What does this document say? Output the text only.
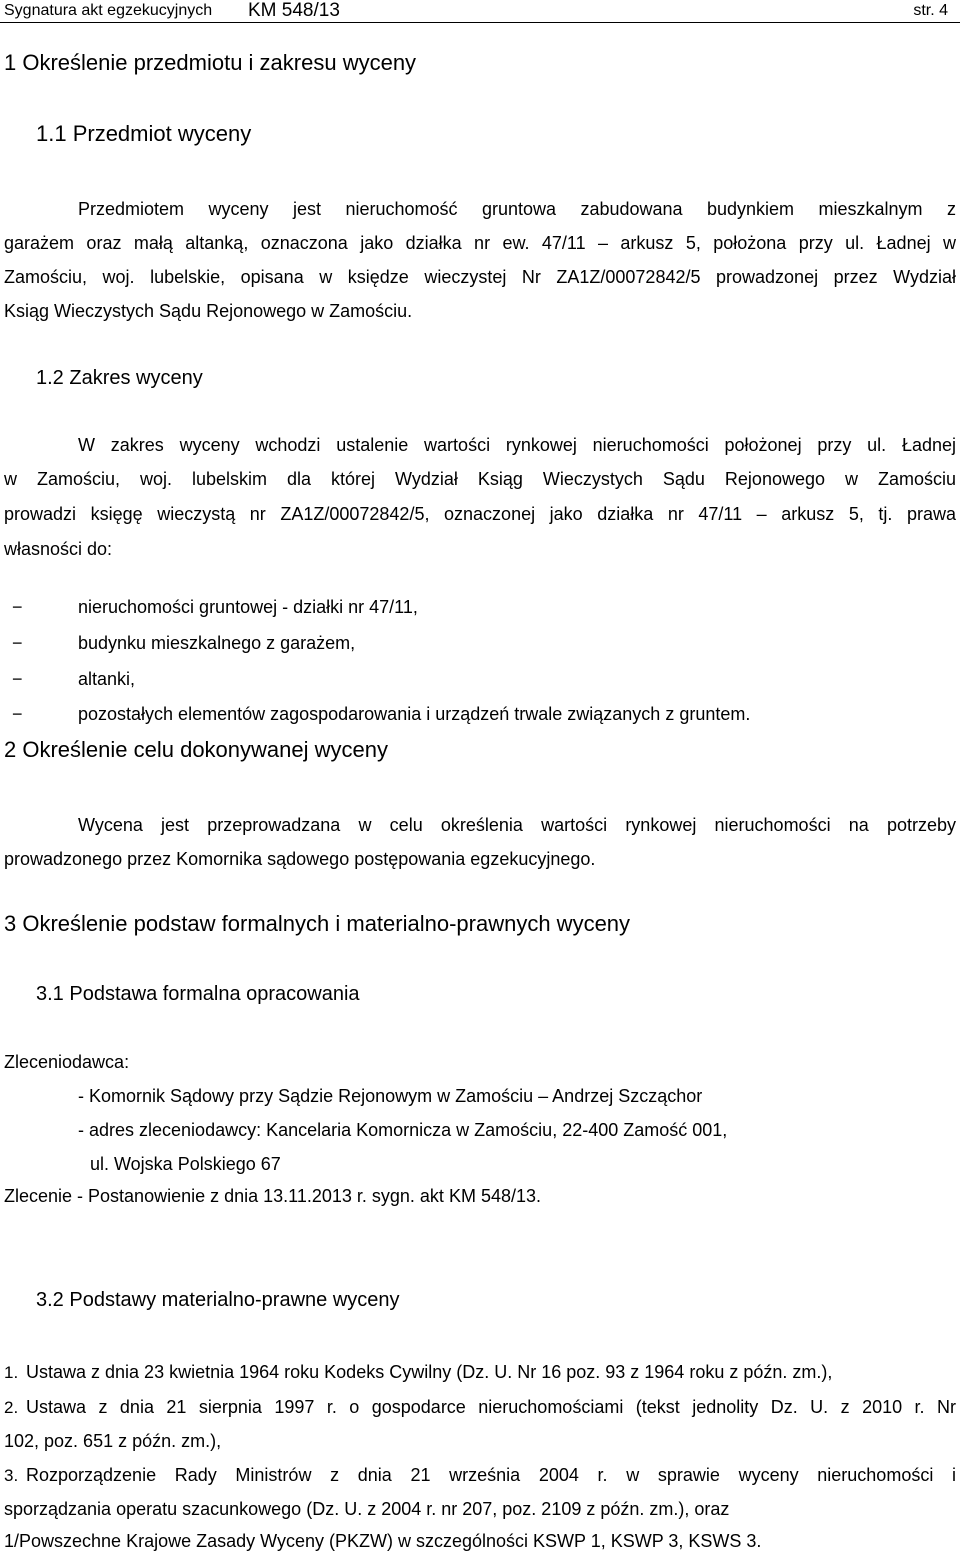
Sygnatura akt egzekucyjnych KM 548/13	str. 4
1 Określenie przedmiotu i zakresu wyceny
1.1 Przedmiot wyceny
Przedmiotem wyceny jest nieruchomość gruntowa zabudowana budynkiem mieszkalnym z
garażem oraz małą altanką, oznaczona jako działka nr ew. 47/11 – arkusz 5, położona przy ul. Ładnej w
Zamościu, woj. lubelskie, opisana w księdze wieczystej Nr ZA1Z/00072842/5 prowadzonej przez Wydział
Ksiąg Wieczystych Sądu Rejonowego w Zamościu.
1.2 Zakres wyceny
W zakres wyceny wchodzi ustalenie wartości rynkowej nieruchomości położonej przy ul. Ładnej
w Zamościu, woj. lubelskim dla której Wydział Ksiąg Wieczystych Sądu Rejonowego w Zamościu
prowadzi księgę wieczystą nr ZA1Z/00072842/5, oznaczonej jako działka nr 47/11 – arkusz 5, tj. prawa
własności do:
−	nieruchomości gruntowej - działki nr 47/11,
−	budynku mieszkalnego z garażem,
−	altanki,
−	pozostałych elementów zagospodarowania i urządzeń trwale związanych z gruntem.
2 Określenie celu dokonywanej wyceny
Wycena jest przeprowadzana w celu określenia wartości rynkowej nieruchomości na potrzeby
prowadzonego przez Komornika sądowego postępowania egzekucyjnego.
3 Określenie podstaw formalnych i materialno-prawnych wyceny
3.1 Podstawa formalna opracowania
Zleceniodawca:
- Komornik Sądowy przy Sądzie Rejonowym w Zamościu – Andrzej Szcząchor
- adres zleceniodawcy: Kancelaria Komornicza w Zamościu, 22-400 Zamość 001,
ul. Wojska Polskiego 67
Zlecenie - Postanowienie z dnia 13.11.2013 r. sygn. akt KM 548/13.
3.2 Podstawy materialno-prawne wyceny
1. Ustawa z dnia 23 kwietnia 1964 roku Kodeks Cywilny (Dz. U. Nr 16 poz. 93 z 1964 roku z późn. zm.),
2. Ustawa z dnia 21 sierpnia 1997 r. o gospodarce nieruchomościami (tekst jednolity Dz. U. z 2010 r. Nr
102, poz. 651 z późn. zm.),
3. Rozporządzenie Rady Ministrów z dnia 21 września 2004 r. w sprawie wyceny nieruchomości i
sporządzania operatu szacunkowego (Dz. U. z 2004 r. nr 207, poz. 2109 z późn. zm.), oraz
1/Powszechne Krajowe Zasady Wyceny (PKZW) w szczególności KSWP 1, KSWP 3, KSWS 3.
